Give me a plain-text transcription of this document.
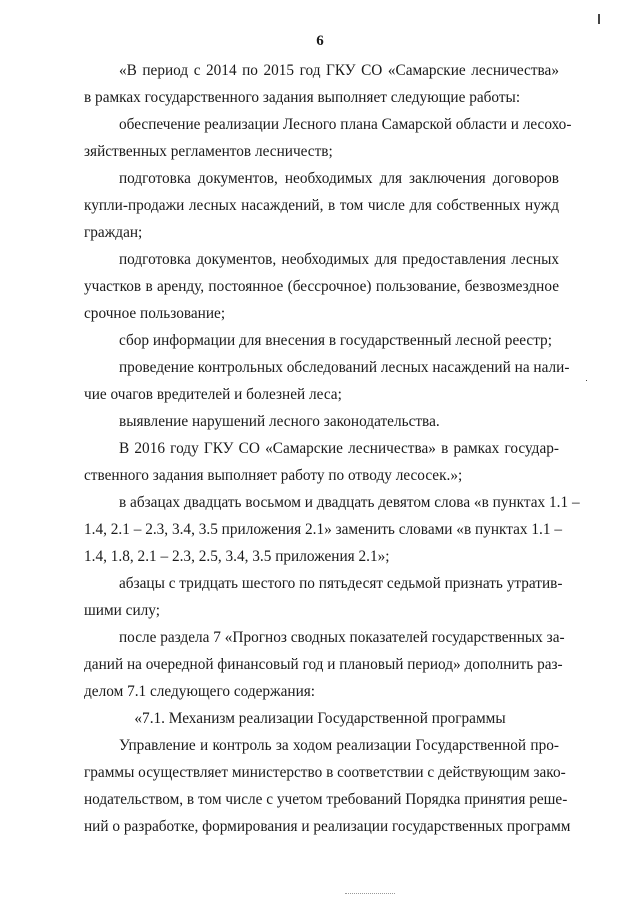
6
«В период с 2014 по 2015 год ГКУ СО «Самарские лесничества»
в рамках государственного задания выполняет следующие работы:
обеспечение реализации Лесного плана Самарской области и лесохо-
зяйственных регламентов лесничеств;
подготовка документов, необходимых для заключения договоров
купли-продажи лесных насаждений, в том числе для собственных нужд
граждан;
подготовка документов, необходимых для предоставления лесных
участков в аренду, постоянное (бессрочное) пользование, безвозмездное
срочное пользование;
сбор информации для внесения в государственный лесной реестр;
проведение контрольных обследований лесных насаждений на нали-
чие очагов вредителей и болезней леса;
выявление нарушений лесного законодательства.
В 2016 году ГКУ СО «Самарские лесничества» в рамках государ-
ственного задания выполняет работу по отводу лесосек.»;
в абзацах двадцать восьмом и двадцать девятом слова «в пунктах 1.1 –
1.4, 2.1 – 2.3, 3.4, 3.5 приложения 2.1» заменить словами «в пунктах 1.1 –
1.4, 1.8, 2.1 – 2.3, 2.5, 3.4, 3.5 приложения 2.1»;
абзацы с тридцать шестого по пятьдесят седьмой признать утратив-
шими силу;
после раздела 7 «Прогноз сводных показателей государственных за-
даний на очередной финансовый год и плановый период» дополнить раз-
делом 7.1 следующего содержания:
«7.1. Механизм реализации Государственной программы
Управление и контроль за ходом реализации Государственной про-
граммы осуществляет министерство в соответствии с действующим зако-
нодательством, в том числе с учетом требований Порядка принятия реше-
ний о разработке, формирования и реализации государственных программ
